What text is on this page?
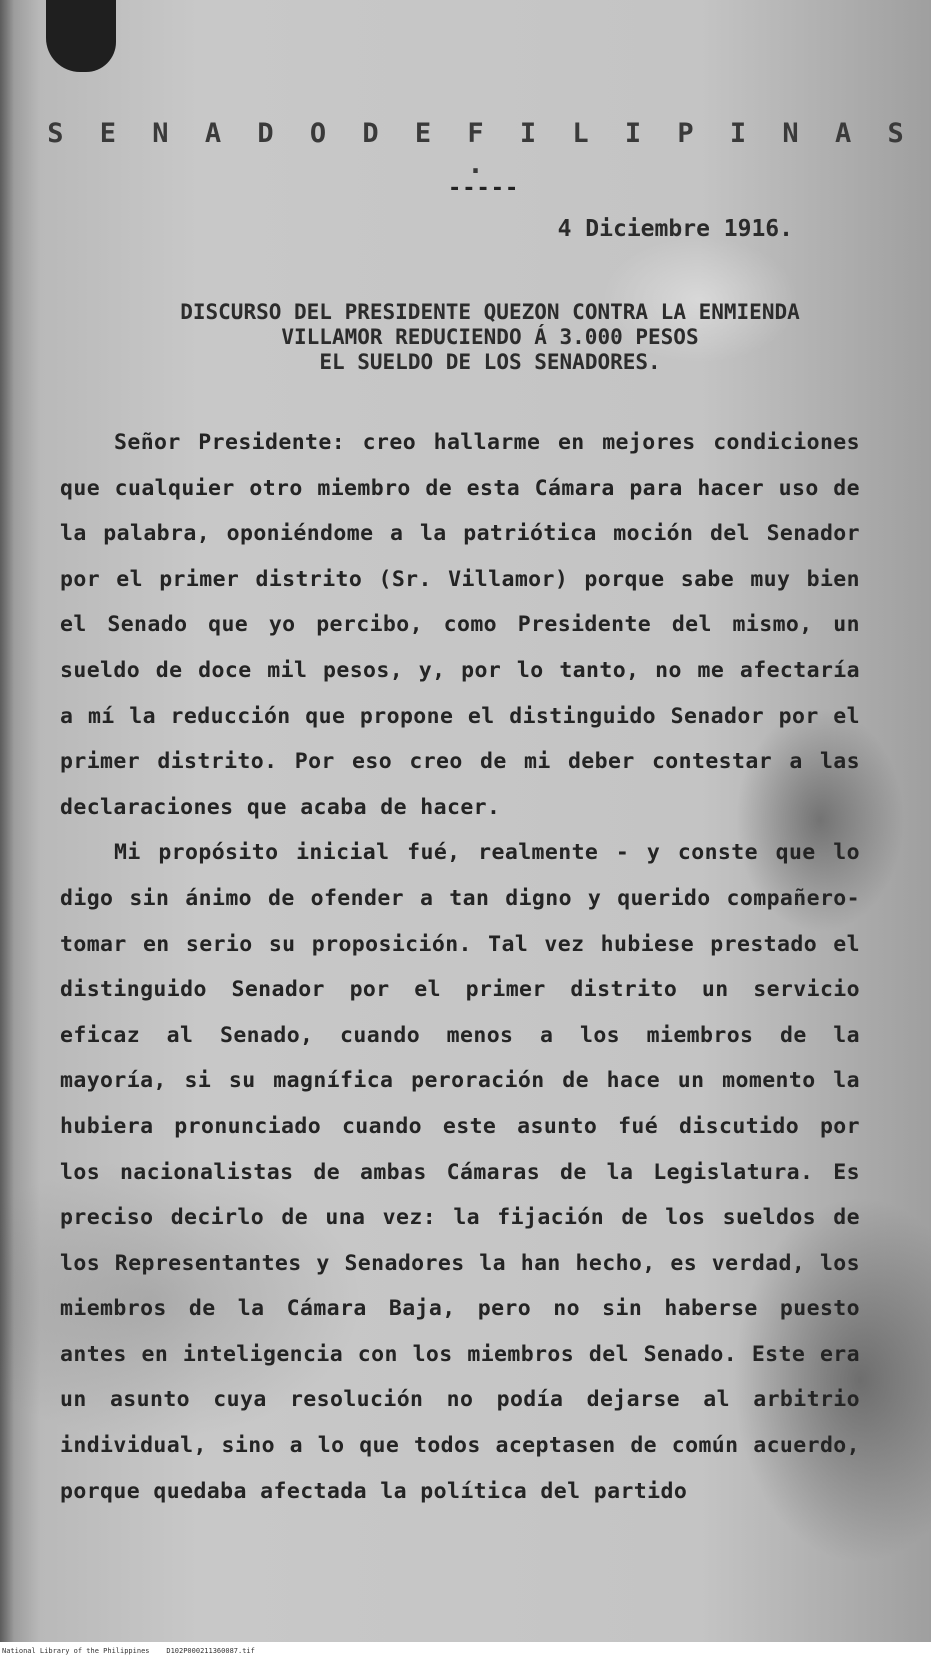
S E N A D O D E F I L I P I N A S .
-----
4 Diciembre 1916.
DISCURSO DEL PRESIDENTE QUEZON CONTRA LA ENMIENDA
VILLAMOR REDUCIENDO Á 3.000 PESOS
EL SUELDO DE LOS SENADORES.

Señor Presidente: creo hallarme en mejores condiciones que cualquier otro miembro de esta Cámara para hacer uso de la palabra, oponiéndome a la patriótica moción del Senador por el primer distrito (Sr. Villamor) porque sabe muy bien el Senado que yo percibo, como Presidente del mismo, un sueldo de doce mil pesos, y, por lo tanto, no me afectaría a mí la reducción que propone el distinguido Senador por el primer distrito. Por eso creo de mi deber contestar a las declaraciones que acaba de hacer.

Mi propósito inicial fué, realmente - y conste que lo digo sin ánimo de ofender a tan digno y querido compañero-tomar en serio su proposición. Tal vez hubiese prestado el distinguido Senador por el primer distrito un servicio eficaz al Senado, cuando menos a los miembros de la mayoría, si su magnífica peroración de hace un momento la hubiera pronunciado cuando este asunto fué discutido por los nacionalistas de ambas Cámaras de la Legislatura. Es preciso decirlo de una vez: la fijación de los sueldos de los Representantes y Senadores la han hecho, es verdad, los miembros de la Cámara Baja, pero no sin haberse puesto antes en inteligencia con los miembros del Senado. Este era un asunto cuya resolución no podía dejarse al arbitrio individual, sino a lo que todos aceptasen de común acuerdo, porque quedaba afectada la política del partido

National Library of the Philippines    D102P000211360087.tif
